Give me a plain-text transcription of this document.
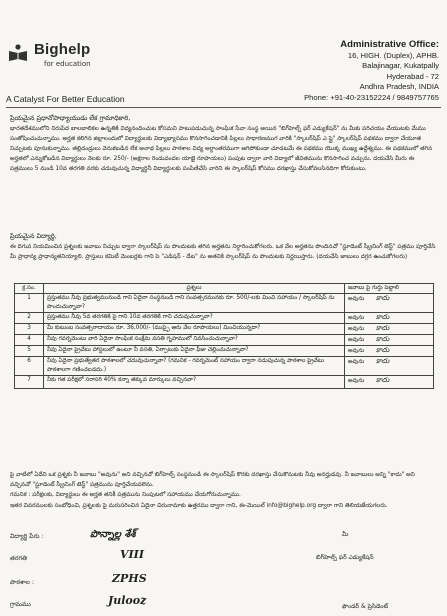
Bighelp
for education
A Catalyst For Better Education
Administrative Office:
16, HIGH. (Duplex), APHB.
Balajinagar, Kukatpally
Hyderabad - 72
Andhra Pradesh, INDIA
Phone: +91-40-23152224 / 9849757765
ప్రియమైన ప్రధానోపాధ్యాయుడు లేక గ్రామాధికారి,
భారతదేశములోని నిరుపేద బాలబాలికల ఉన్నతికి విద్యనందించుట కోసమని పాటుపడుచున్న సాంఘిక సేవా సంస్థ అయిన "బిగ్‌హెల్ప్ ఫర్ ఎడ్యుకేషన్" ను మీకు పరిచయం చేయుటకు మేము సంతోషించుచున్నాము. అర్హత కలిగిన జిల్లాలందులో విద్యార్థులకు విద్యాభ్యాసము కొనసాగించడానికి పిల్లలు సాధారణముగ వారికి "స్కాలర్‌షిప్ ఎ ప్లై" స్కాలర్‌షిప్ పథకము ద్వారా చేయూత నిచ్చుటకు పూనుకున్నాము. తల్లిదండ్రులు వెనుకబడిన లేక అనాథ పిల్లలు పాఠశాల విద్య అర్ధాంతరముగా ఆగిపోకుండా చూడటమే ఈ పథకము యొక్క ముఖ్య ఉద్దేశ్యము. ఈ పథకములో తగిన అర్హతలో ఎన్నుకోబడిన విద్యార్థులు నెలకు రూ. 250/- (అక్షరాల రెండువందల యాభై రూపాయలు) పంపుట ద్వారా వారి విద్యాలో జీవితమును కొనసాగించ వచ్చును. దయచేసి మీరు ఈ పత్రములు 5 నుండి 10వ తరగతి వరకు చదువుచున్న విద్యార్థినీ విద్యార్థులకు పంపిణిచేసి వారిని ఈ స్కాలర్‌షిప్ కోసము దరఖాస్తు చేసుకోవలసినదిగా కోరుకుంటు.
ప్రియమైన విద్యార్థి,
ఈ దిగువ నియమించిన ప్రశ్నలకు జవాబు నిచ్చుట ద్వారా స్కాలర్‌షిప్ ను పొందుటకు తగిన అర్హతను నిర్ధారించుకోగలరు. ఒక వేల అర్హతను పొందినచో "స్టూడెంట్ స్క్రీనింగ్ టెస్ట్" పత్రము పూర్తిచేసి మీ ప్రాధాన్య ప్రాధాన్యతనియ్యాలి. ప్రాస్తులు కమిటీ మెంబర్లకు గాని పె "ఎడిషన్ - డేట" ను అతనికి స్కాలర్‌షిప్ ను పొందుటకు నిర్ణయిస్తారు. (దయచేసి జాబులు దగ్గర ఉంచుకోగలరు)
క్ర.సం.	ప్రశ్నలు	జవాబు పై గుర్తు పెట్టాలి
1	ప్రస్తుతము నీవు ప్రభుత్వమునుండి గాని ఏదైనా సంస్థనుండి గాని సంవత్సరమునకు రూ. 500/-లకు మించి సహాయం / స్కాలర్‌షిప్ ను పొందుచున్నావా?	అవును కాదు
2	ప్రస్తుతము నీవు 5వ తరగతికి పై గాని 10వ తరగతికి గాని చదువుచున్నావా?	అవును కాదు
3	మీ కుటుంబ సంవత్సరాదాయం రూ. 36,000/- (ముప్ఫై ఆరు వేల రూపాయలు) మించియున్నదా?	అవును కాదు
4	నీవు గవర్నమెంటు వారి ఏదైనా సాంఘిక సంక్షేమ వసతి గృహములో నివసించుచున్నావా?	అవును కాదు
5	నీవు ఏదైనా ప్రైవేటు హాస్టలులో ఉంటూ నీ వసతి, ఏర్పాటుకు ఏదైనా ఫీజు చెల్లించుచున్నావా?	అవును కాదు
6	నీవు ఏదైనా ప్రభుత్వేతర పాఠశాలలో చదువుచున్నావా? (గమనిక - గవర్నమెంట్ సహాయం ద్వారా నడుపుచున్న పాఠశాల ప్రైవేటు పాఠశాలగా గణించబడదు.)	అవును కాదు
7	నీకు గత పరీక్షలో సరాసరి 40% కన్నా తక్కువ మార్కులు వచ్చినవా?	అవును కాదు
పై వాటిలో ఏదేని ఒక ప్రశ్నకు నీ జవాబు "అవును" అని వచ్చినచో బిగ్‌హెల్ప్ సంస్థనుండి ఈ స్కాలర్‌షిప్ కొరకు దరఖాస్తు చేసుకొనుటకు నీవు అనర్హుడవు. నీ జవాబులు అన్ని "కాదు" అని వచ్చినచో "స్టూడెంట్ స్క్రీనింగ్ టెస్ట్" పత్రమును పూర్తిచేయవలెను.
గమనిక : పరీక్షలకు, విద్యార్థులు ఈ అర్హత తనికీ పత్రమును నింపుటలో సహాయము చేయగోరుచున్నాము.
ఇతర వివరములకు సంబోధించి, ప్రశ్నలకు పై మరుసరించిన ఏదైనా చిరునామాకు ఉత్తరము ద్వారా గాని, ఈ-మెయిల్ info@bighelp.org ద్వారా గాని తెలియజేయగలరు.
విద్యార్థి పేరు :	పొన్నాల్ల శేశ్
తరగతి	VIII
పాఠశాల :	ZPHS
గ్రామము	Julooz
మీ
బిగ్‌హెల్ప్ ఫర్ ఎడ్యుకేషన్
ఫౌండర్ & ప్రెసిడెంట్
